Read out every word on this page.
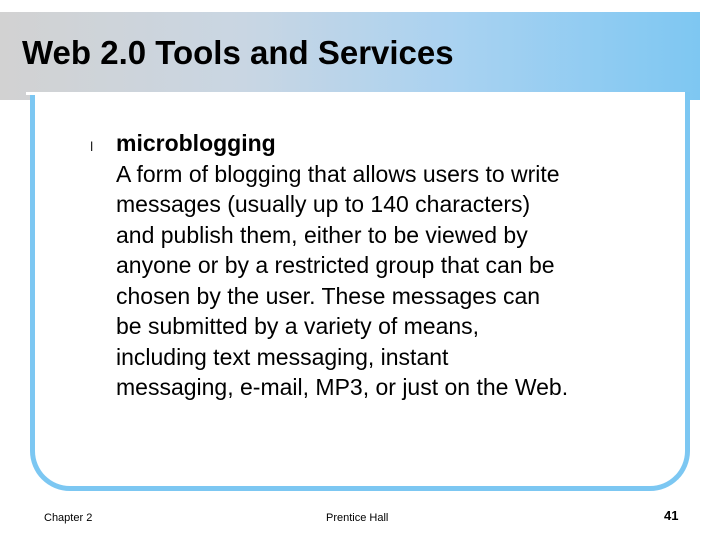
Web 2.0 Tools and Services
l microblogging
A form of blogging that allows users to write
messages (usually up to 140 characters)
and publish them, either to be viewed by
anyone or by a restricted group that can be
chosen by the user. These messages can
be submitted by a variety of means,
including text messaging, instant
messaging, e-mail, MP3, or just on the Web.
Chapter 2	Prentice Hall	41
